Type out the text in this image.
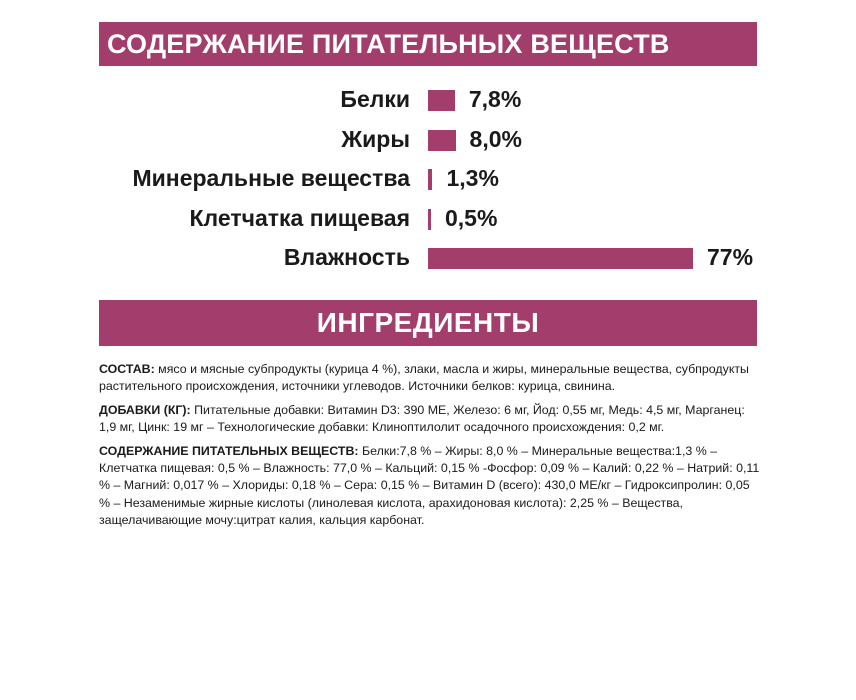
СОДЕРЖАНИЕ ПИТАТЕЛЬНЫХ ВЕЩЕСТВ
Белки	7,8%
Жиры	8,0%
Минеральные вещества 1,3%
Клетчатка пищевая 0,5%
Влажность	77%
ИНГРЕДИЕНТЫ

СОСТАВ: мясо и мясные субпродукты (курица 4 %), злаки, масла и жиры, минеральные вещества, субпродукты растительного происхождения, источники углеводов. Источники белков: курица, свинина.

ДОБАВКИ (КГ): Питательные добавки: Витамин D3: 390 МЕ, Железо: 6 мг, Йод: 0,55 мг, Медь: 4,5 мг, Марганец: 1,9 мг, Цинк: 19 мг – Технологические добавки: Клиноптилолит осадочного происхождения: 0,2 мг.

СОДЕРЖАНИЕ ПИТАТЕЛЬНЫХ ВЕЩЕСТВ: Белки:7,8 % – Жиры: 8,0 % – Минеральные вещества:1,3 % – Клетчатка пищевая: 0,5 % – Влажность: 77,0 % – Кальций: 0,15 % -Фосфор: 0,09 % – Калий: 0,22 % – Натрий: 0,11 % – Магний: 0,017 % – Хлориды: 0,18 % – Сера: 0,15 % – Витамин D (всего): 430,0 МЕ/кг – Гидроксипролин: 0,05 % – Незаменимые жирные кислоты (линолевая кислота, арахидоновая кислота): 2,25 % – Вещества, защелачивающие мочу:цитрат калия, кальция карбонат.
